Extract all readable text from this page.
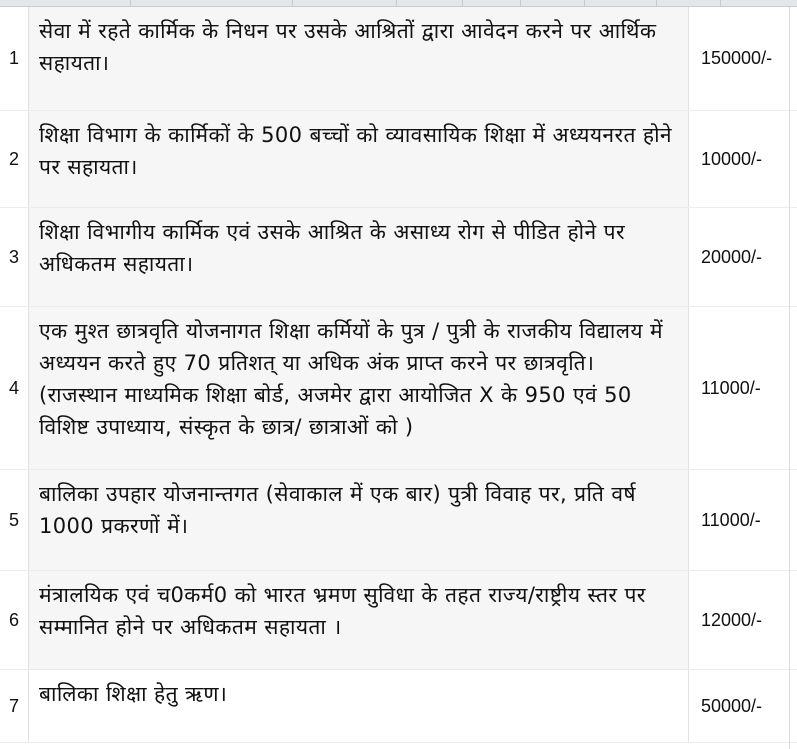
1
सेवा में रहते कार्मिक के निधन पर उसके आश्रितों द्वारा आवेदन करने पर आर्थिक सहायता।	150000/-
2
शिक्षा विभाग के कार्मिकों के 500 बच्चों को व्यावसायिक शिक्षा में अध्ययनरत होने पर सहायता।	10000/-
3
शिक्षा विभागीय कार्मिक एवं उसके आश्रित के असाध्य रोग से पीडित होने पर अधिकतम सहायता।	20000/-
4
एक मुश्त छात्रवृति योजनागत शिक्षा कर्मियों के पुत्र / पुत्री के राजकीय विद्यालय में अध्ययन करते हुए 70 प्रतिशत् या अधिक अंक प्राप्त करने पर छात्रवृति। (राजस्थान माध्यमिक शिक्षा बोर्ड, अजमेर द्वारा आयोजित X के 950 एवं 50 विशिष्ट उपाध्याय, संस्कृत के छात्र/ छात्राओं को )
11000/-
5
बालिका उपहार योजनान्तगत (सेवाकाल में एक बार) पुत्री विवाह पर, प्रति वर्ष 1000 प्रकरणों में।	11000/-
6
मंत्रालयिक एवं च0कर्म0 को भारत भ्रमण सुविधा के तहत राज्य/राष्ट्रीय स्तर पर सम्मानित होने पर अधिकतम सहायता ।	12000/-
7 बालिका शिक्षा हेतु ऋण।	50000/-
